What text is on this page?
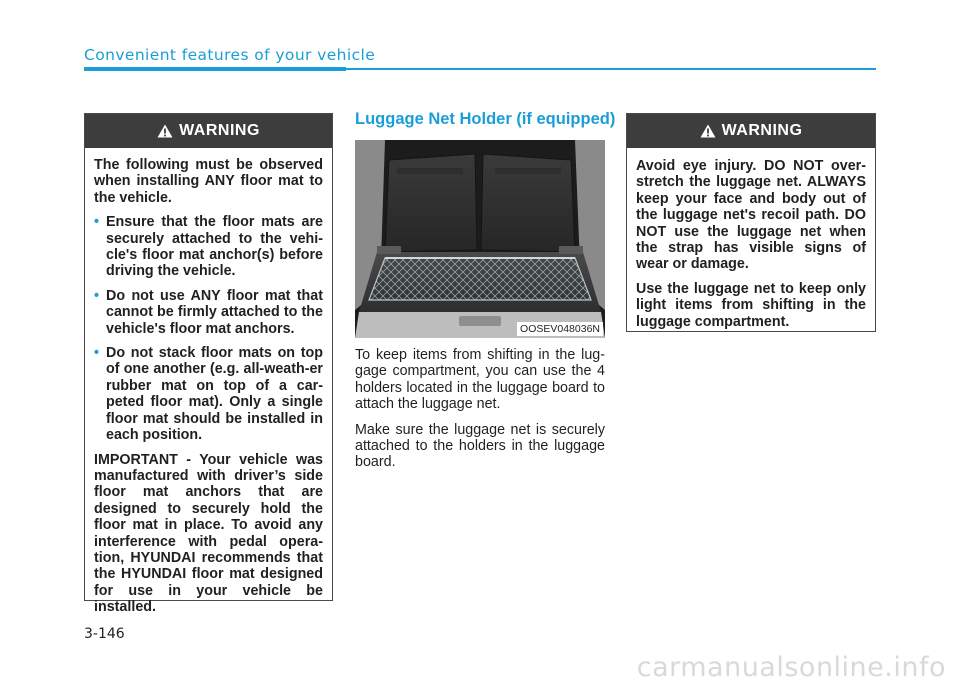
Convenient features of your vehicle
WARNING

The following must be observed when installing ANY floor mat to the vehicle.

• Ensure that the floor mats are securely attached to the vehi-cle's floor mat anchor(s) before driving the vehicle.
• Do not use ANY floor mat that cannot be firmly attached to the vehicle's floor mat anchors.
• Do not stack floor mats on top of one another (e.g. all-weath-er rubber mat on top of a car-peted floor mat). Only a single floor mat should be installed in each position.

IMPORTANT - Your vehicle was manufactured with driver’s side floor mat anchors that are designed to securely hold the floor mat in place. To avoid any interference with pedal opera-tion, HYUNDAI recommends that the HYUNDAI floor mat designed for use in your vehicle be installed.

Luggage Net Holder (if equipped)
OOSEV048036N

To keep items from shifting in the lug-gage compartment, you can use the 4 holders located in the luggage board to attach the luggage net.

Make sure the luggage net is securely attached to the holders in the luggage board.

WARNING

Avoid eye injury. DO NOT over-stretch the luggage net. ALWAYS keep your face and body out of the luggage net's recoil path. DO NOT use the luggage net when the strap has visible signs of wear or damage.

Use the luggage net to keep only light items from shifting in the luggage compartment.

3-146
carmanualsonline.info
